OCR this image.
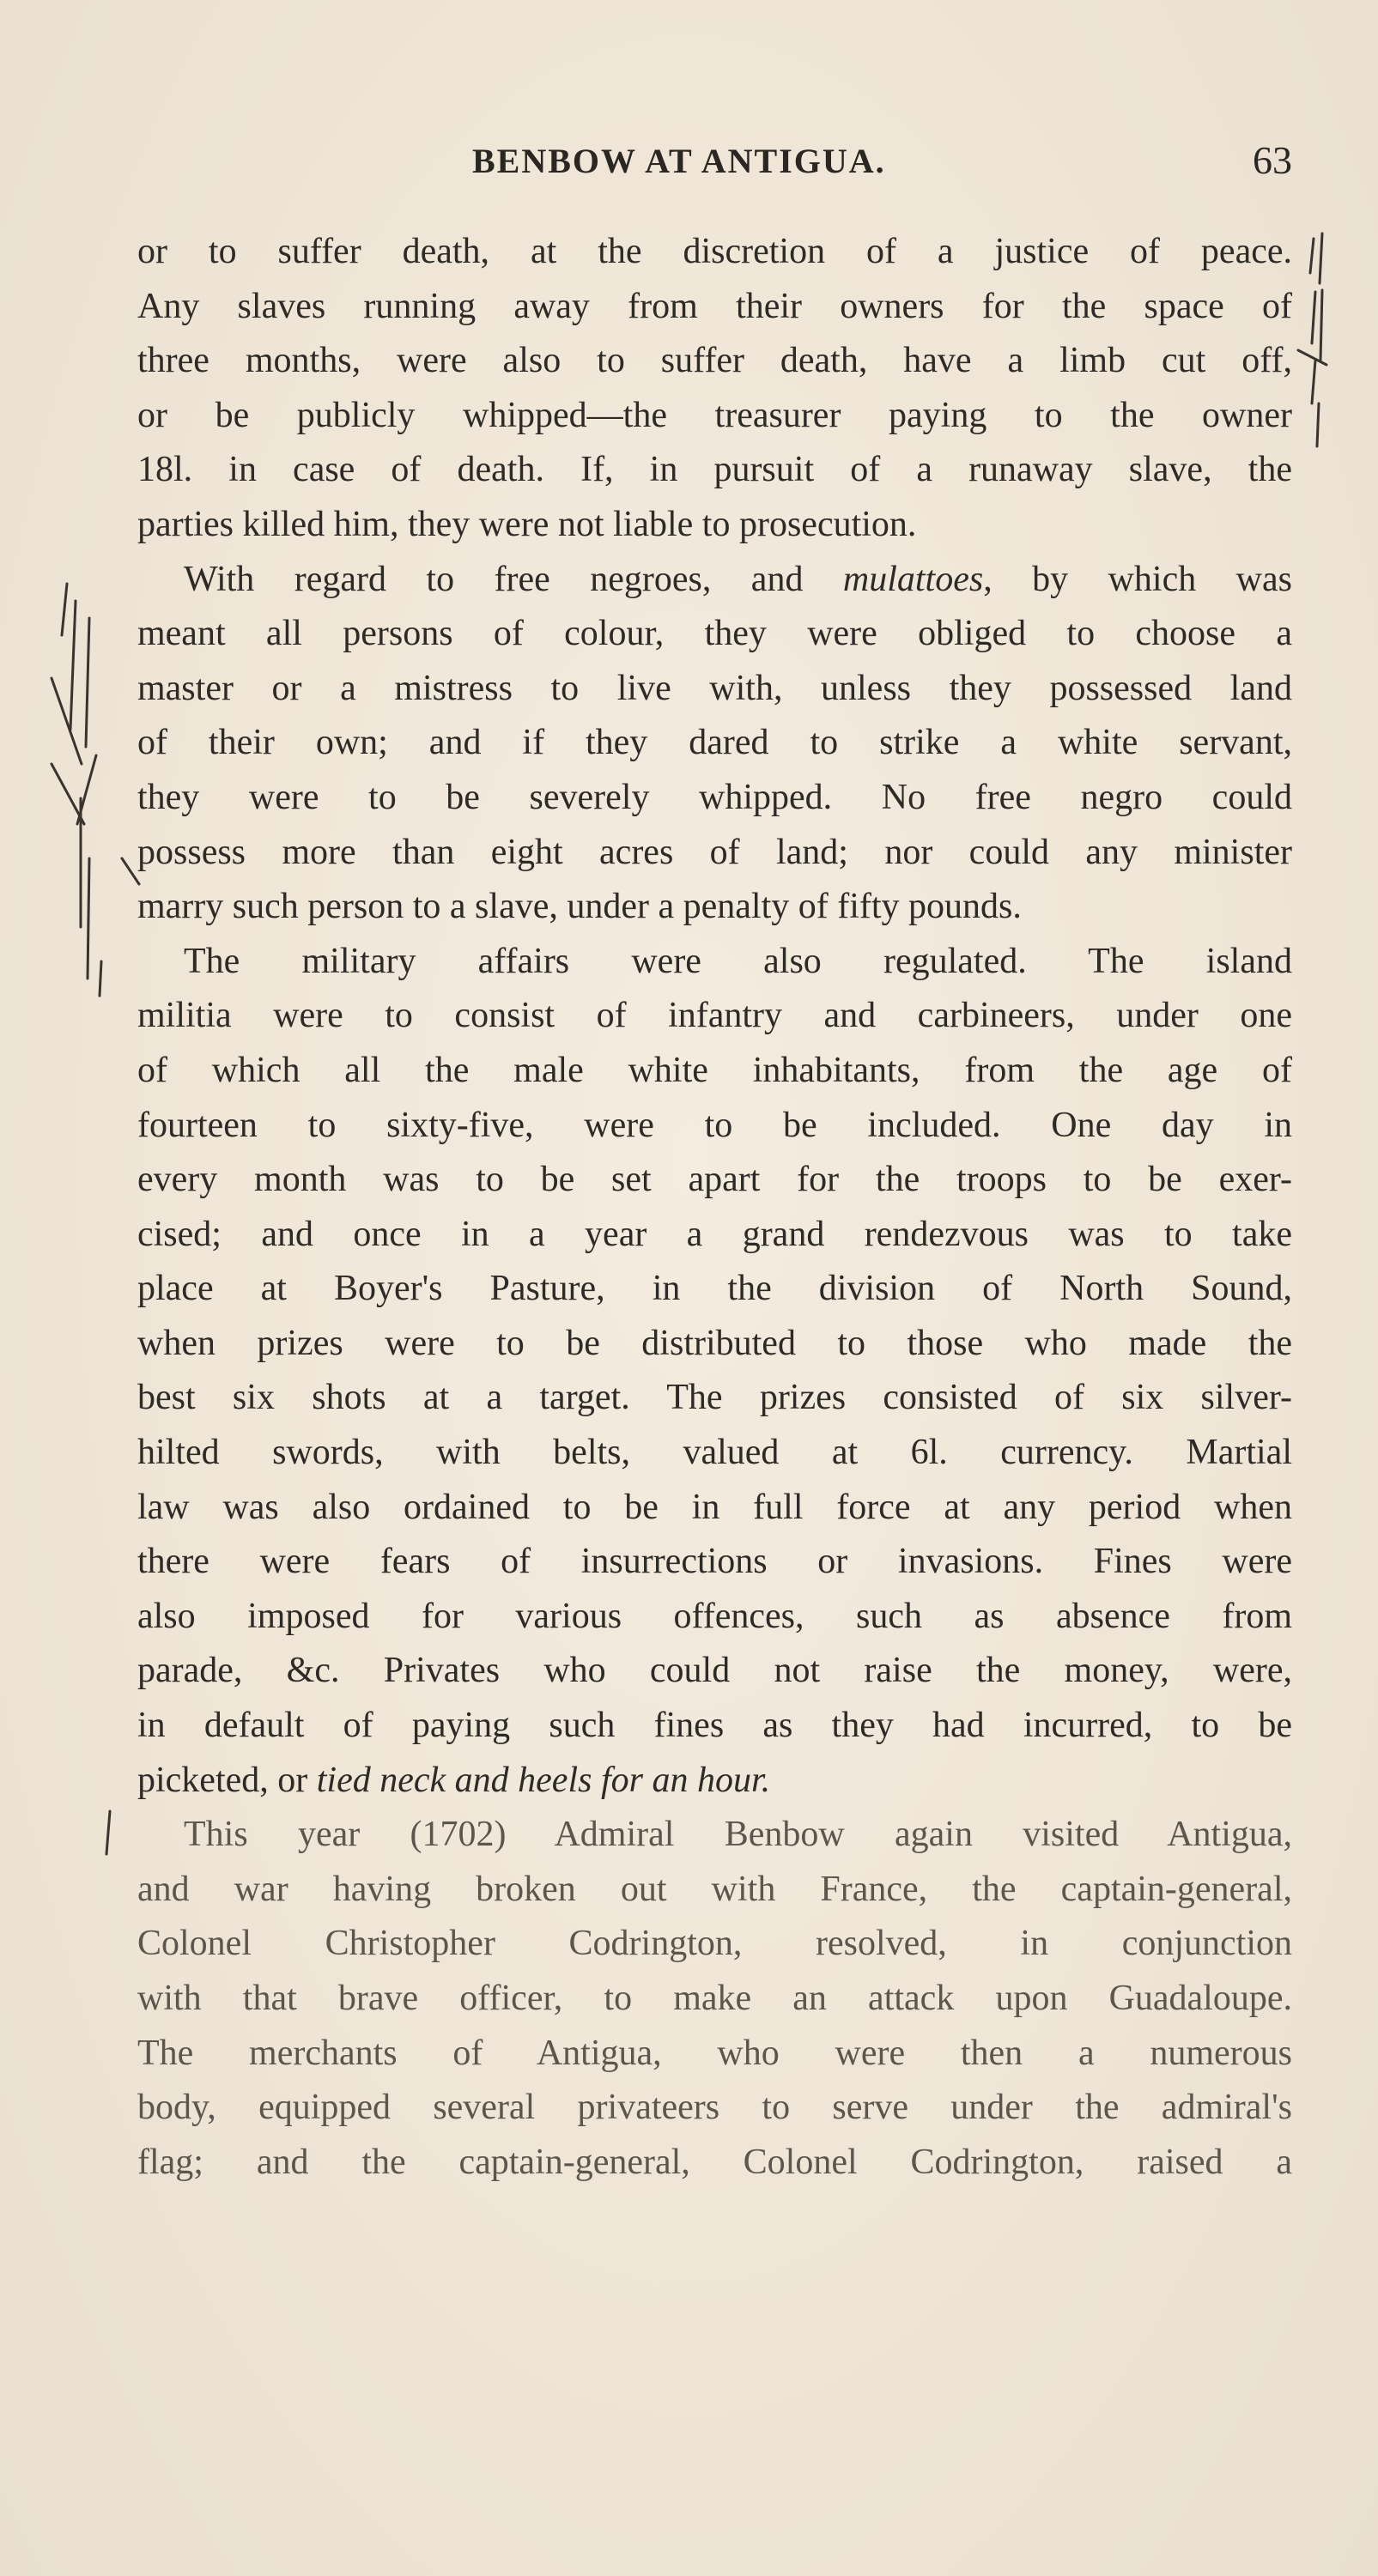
BENBOW AT ANTIGUA.	63
or to suffer death, at the discretion of a justice of peace.
Any slaves running away from their owners for the space of
three months, were also to suffer death, have a limb cut off,
or be publicly whipped—the treasurer paying to the owner
18l. in case of death. If, in pursuit of a runaway slave, the
parties killed him, they were not liable to prosecution.
With regard to free negroes, and mulattoes, by which was
meant all persons of colour, they were obliged to choose a
master or a mistress to live with, unless they possessed land
of their own; and if they dared to strike a white servant,
they were to be severely whipped. No free negro could
possess more than eight acres of land; nor could any minister
marry such person to a slave, under a penalty of fifty pounds.
The military affairs were also regulated. The island
militia were to consist of infantry and carbineers, under one
of which all the male white inhabitants, from the age of
fourteen to sixty-five, were to be included. One day in
every month was to be set apart for the troops to be exer-
cised; and once in a year a grand rendezvous was to take
place at Boyer's Pasture, in the division of North Sound,
when prizes were to be distributed to those who made the
best six shots at a target. The prizes consisted of six silver-
hilted swords, with belts, valued at 6l. currency. Martial
law was also ordained to be in full force at any period when
there were fears of insurrections or invasions. Fines were
also imposed for various offences, such as absence from
parade, &c. Privates who could not raise the money, were,
in default of paying such fines as they had incurred, to be
picketed, or tied neck and heels for an hour.
This year (1702) Admiral Benbow again visited Antigua,
and war having broken out with France, the captain-general,
Colonel Christopher Codrington, resolved, in conjunction
with that brave officer, to make an attack upon Guadaloupe.
The merchants of Antigua, who were then a numerous
body, equipped several privateers to serve under the admiral's
flag; and the captain-general, Colonel Codrington, raised a
